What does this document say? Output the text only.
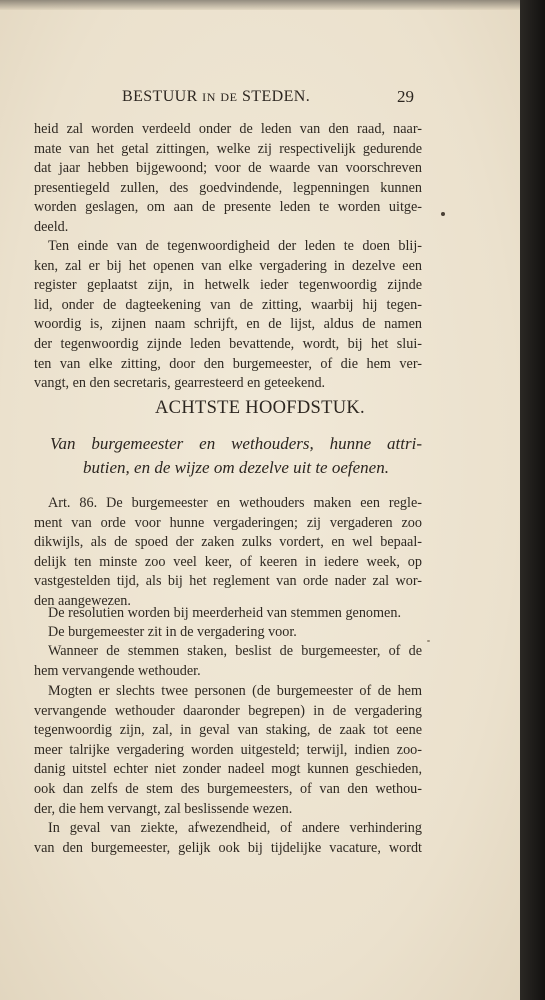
BESTUUR IN DE STEDEN.	29
heid zal worden verdeeld onder de leden van den raad, naar-
mate van het getal zittingen, welke zij respectivelijk gedurende
dat jaar hebben bijgewoond; voor de waarde van voorschreven
presentiegeld zullen, des goedvindende, legpenningen kunnen
worden geslagen, om aan de presente leden te worden uitge-
deeld.
Ten einde van de tegenwoordigheid der leden te doen blij-
ken, zal er bij het openen van elke vergadering in dezelve een
register geplaatst zijn, in hetwelk ieder tegenwoordig zijnde
lid, onder de dagteekening van de zitting, waarbij hij tegen-
woordig is, zijnen naam schrijft, en de lijst, aldus de namen
der tegenwoordig zijnde leden bevattende, wordt, bij het slui-
ten van elke zitting, door den burgemeester, of die hem ver-
vangt, en den secretaris, gearresteerd en geteekend.
ACHTSTE HOOFDSTUK.
Van burgemeester en wethouders, hunne attri-
butien, en de wijze om dezelve uit te oefenen.
Art. 86. De burgemeester en wethouders maken een regle-
ment van orde voor hunne vergaderingen; zij vergaderen zoo
dikwijls, als de spoed der zaken zulks vordert, en wel bepaal-
delijk ten minste zoo veel keer, of keeren in iedere week, op
vastgestelden tijd, als bij het reglement van orde nader zal wor-
den aangewezen.
De resolutien worden bij meerderheid van stemmen genomen.
De burgemeester zit in de vergadering voor.
Wanneer de stemmen staken, beslist de burgemeester, of de
hem vervangende wethouder.
Mogten er slechts twee personen (de burgemeester of de hem
vervangende wethouder daaronder begrepen) in de vergadering
tegenwoordig zijn, zal, in geval van staking, de zaak tot eene
meer talrijke vergadering worden uitgesteld; terwijl, indien zoo-
danig uitstel echter niet zonder nadeel mogt kunnen geschieden,
ook dan zelfs de stem des burgemeesters, of van den wethou-
der, die hem vervangt, zal beslissende wezen.
In geval van ziekte, afwezendheid, of andere verhindering
van den burgemeester, gelijk ook bij tijdelijke vacature, wordt
